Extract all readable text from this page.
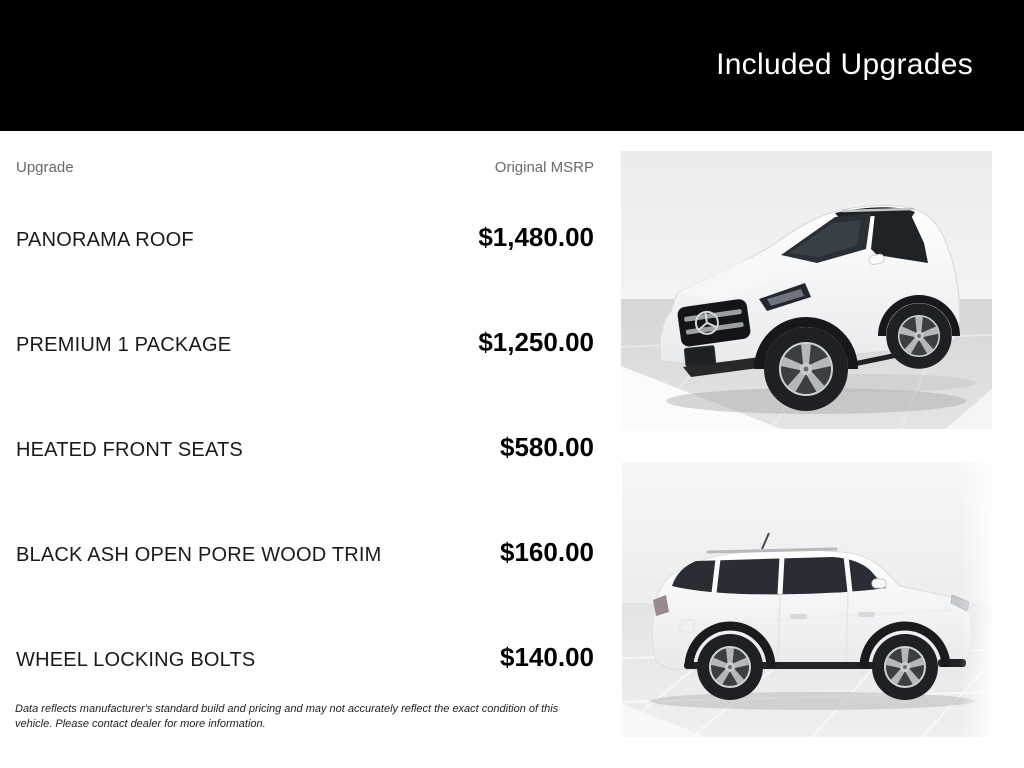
Included Upgrades
Upgrade	Original MSRP
PANORAMA ROOF	$1,480.00
PREMIUM 1 PACKAGE	$1,250.00
HEATED FRONT SEATS	$580.00
BLACK ASH OPEN PORE WOOD TRIM	$160.00
WHEEL LOCKING BOLTS	$140.00

Data reflects manufacturer's standard build and pricing and may not accurately reflect the exact condition of this vehicle. Please contact dealer for more information.
